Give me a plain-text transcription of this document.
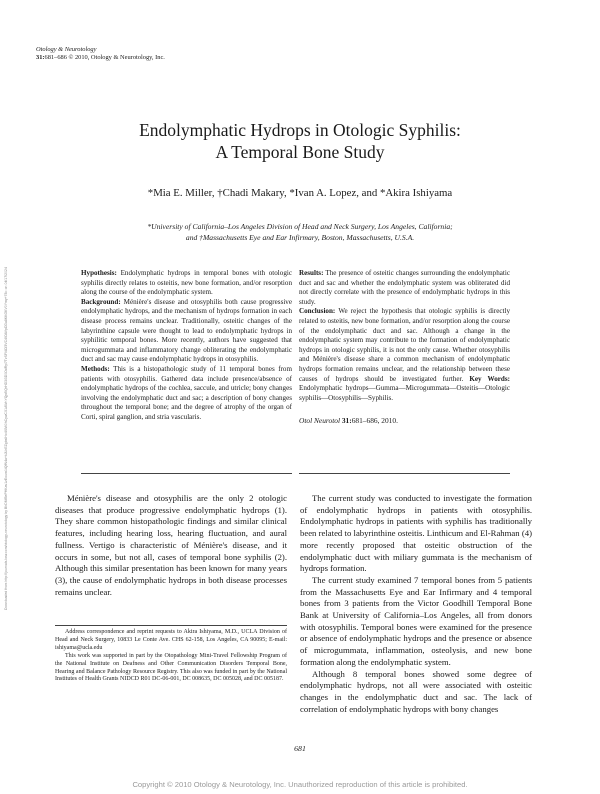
Otology & Neurotology
31:681–686 © 2010, Otology & Neurotology, Inc.
Downloaded from http://journals.lww.com/otology-neurotology by BhDMf5ePHKav1zEoum1tQfN4a+kJLhEZgbsIHo4XMi0hCywCX1AWnYQp/IlQrHD3i3D0OdRyi7TvSFl4Cf3VC4/OAVpDDa8KKGKV0Ymy+78= on 04/17/2024
Endolymphatic Hydrops in Otologic Syphilis:
A Temporal Bone Study
*Mia E. Miller, †Chadi Makary, *Ivan A. Lopez, and *Akira Ishiyama
*University of California–Los Angeles Division of Head and Neck Surgery, Los Angeles, California;
and †Massachusetts Eye and Ear Infirmary, Boston, Massachusetts, U.S.A.

Hypothesis: Endolymphatic hydrops in temporal bones with otologic syphilis directly relates to osteitis, new bone formation, and/or resorption along the course of the endolymphatic system.

Background: Ménière's disease and otosyphilis both cause progressive endolymphatic hydrops, and the mechanism of hydrops formation in each disease process remains unclear. Traditionally, osteitic changes of the labyrinthine capsule were thought to lead to endolymphatic hydrops in syphilitic temporal bones. More recently, authors have suggested that microgummata and inflammatory change obliterating the endolymphatic duct and sac may cause endolymphatic hydrops in otosyphilis.

Methods: This is a histopathologic study of 11 temporal bones from patients with otosyphilis. Gathered data include presence/absence of endolymphatic hydrops of the cochlea, saccule, and utricle; bony changes involving the endolymphatic duct and sac; a description of bony changes throughout the temporal bone; and the degree of atrophy of the organ of Corti, spiral ganglion, and stria vascularis.

Results: The presence of osteitic changes surrounding the endolymphatic duct and sac and whether the endolymphatic system was obliterated did not directly correlate with the presence of endolymphatic hydrops in this study.

Conclusion: We reject the hypothesis that otologic syphilis is directly related to osteitis, new bone formation, and/or resorption along the course of the endolymphatic duct and sac. Although a change in the endolymphatic system may contribute to the formation of endolymphatic hydrops in otologic syphilis, it is not the only cause. Whether otosyphilis and Ménière's disease share a common mechanism of endolymphatic hydrops formation remains unclear, and the relationship between these causes of hydrops should be investigated further. Key Words: Endolymphatic hydrops—Gumma—Microgummata—Osteitis—Otologic syphilis—Otosyphilis—Syphilis.

Otol Neurotol 31:681–686, 2010.

Ménière's disease and otosyphilis are the only 2 otologic diseases that produce progressive endolymphatic hydrops (1). They share common histopathologic findings and similar clinical features, including hearing loss, hearing fluctuation, and aural fullness. Vertigo is characteristic of Ménière's disease, and it occurs in some, but not all, cases of temporal bone syphilis (2). Although this similar presentation has been known for many years (3), the cause of endolymphatic hydrops in both disease processes remains unclear.

The current study was conducted to investigate the formation of endolymphatic hydrops in patients with otosyphilis. Endolymphatic hydrops in patients with syphilis has traditionally been related to labyrinthine osteitis. Linthicum and El-Rahman (4) more recently proposed that osteitic obstruction of the endolymphatic duct with miliary gummata is the mechanism of hydrops formation.

The current study examined 7 temporal bones from 5 patients from the Massachusetts Eye and Ear Infirmary and 4 temporal bones from 3 patients from the Victor Goodhill Temporal Bone Bank at University of California–Los Angeles, all from donors with otosyphilis. Temporal bones were examined for the presence or absence of endolymphatic hydrops and the presence or absence of microgummata, inflammation, osteolysis, and new bone formation along the endolymphatic system.

Although 8 temporal bones showed some degree of endolymphatic hydrops, not all were associated with osteitic changes in the endolymphatic duct and sac. The lack of correlation of endolymphatic hydrops with bony changes

Address correspondence and reprint requests to Akira Ishiyama, M.D., UCLA Division of Head and Neck Surgery, 10833 Le Conte Ave. CHS 62-158, Los Angeles, CA 90095; E-mail: ishiyama@ucla.edu

This work was supported in part by the Otopathology Mini-Travel Fellowship Program of the National Institute on Deafness and Other Communication Disorders Temporal Bone, Hearing and Balance Pathology Resource Registry. This also was funded in part by the National Institutes of Health Grants NIDCD R01 DC-06-001, DC 008635, DC 005028, and DC 005187.

681
Copyright © 2010 Otology & Neurotology, Inc. Unauthorized reproduction of this article is prohibited.
